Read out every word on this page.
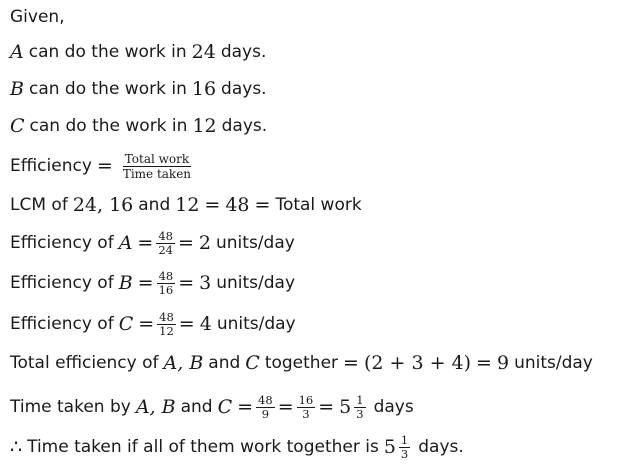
Given,
A can do the work in 24 days.
B can do the work in 16 days.
C can do the work in 12 days.
Efficiency = $\frac{\text{Total work}}{\text{Time taken}}$
LCM of 24, 16 and 12 = 48 = Total work
Efficiency of $A = \frac{48}{24} = 2$ units/day
Efficiency of $B = \frac{48}{16} = 3$ units/day
Efficiency of $C = \frac{48}{12} = 4$ units/day
Total efficiency of A, B and C together = (2 + 3 + 4) = 9 units/day
Time taken by A, B and $C = \frac{48}{9} = \frac{16}{3} = 5 \frac{1}{3}$ days
∴ Time taken if all of them work together is $5 \frac{1}{3}$ days.
